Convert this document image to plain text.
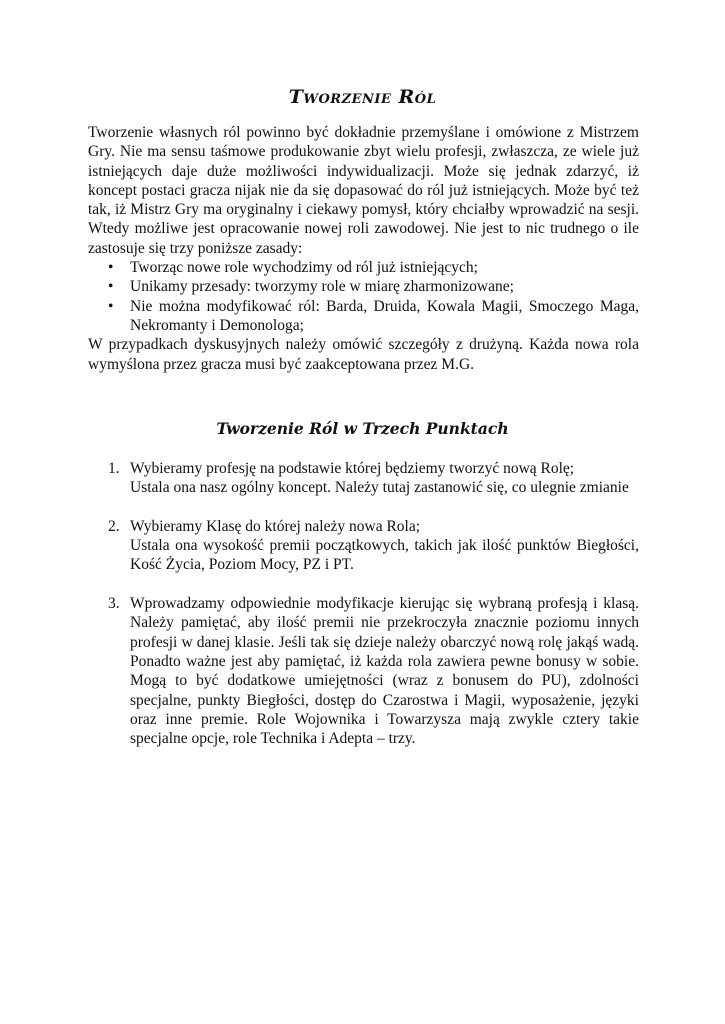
Tworzenie Ról

Tworzenie własnych ról powinno być dokładnie przemyślane i omówione z Mistrzem Gry. Nie ma sensu taśmowe produkowanie zbyt wielu profesji, zwłaszcza, ze wiele już istniejących daje duże możliwości indywidualizacji. Może się jednak zdarzyć, iż koncept postaci gracza nijak nie da się dopasować do ról już istniejących. Może być też tak, iż Mistrz Gry ma oryginalny i ciekawy pomysł, który chciałby wprowadzić na sesji. Wtedy możliwe jest opracowanie nowej roli zawodowej. Nie jest to nic trudnego o ile zastosuje się trzy poniższe zasady:

• Tworząc nowe role wychodzimy od ról już istniejących;
• Unikamy przesady: tworzymy role w miarę zharmonizowane;
• Nie można modyfikować ról: Barda, Druida, Kowala Magii, Smoczego Maga, Nekromanty i Demonologa;

W przypadkach dyskusyjnych należy omówić szczegóły z drużyną. Każda nowa rola wymyślona przez gracza musi być zaakceptowana przez M.G.

Tworzenie Ról w Trzech Punktach
1. Wybieramy profesję na podstawie której będziemy tworzyć nową Rolę;
Ustala ona nasz ogólny koncept. Należy tutaj zastanowić się, co ulegnie zmianie
2. Wybieramy Klasę do której należy nowa Rola;
Ustala ona wysokość premii początkowych, takich jak ilość punktów Biegłości, Kość Życia, Poziom Mocy, PZ i PT.
3. Wprowadzamy odpowiednie modyfikacje kierując się wybraną profesją i klasą. Należy pamiętać, aby ilość premii nie przekroczyła znacznie poziomu innych profesji w danej klasie. Jeśli tak się dzieje należy obarczyć nową rolę jakąś wadą. Ponadto ważne jest aby pamiętać, iż każda rola zawiera pewne bonusy w sobie. Mogą to być dodatkowe umiejętności (wraz z bonusem do PU), zdolności specjalne, punkty Biegłości, dostęp do Czarostwa i Magii, wyposażenie, języki oraz inne premie. Role Wojownika i Towarzysza mają zwykle cztery takie specjalne opcje, role Technika i Adepta – trzy.
